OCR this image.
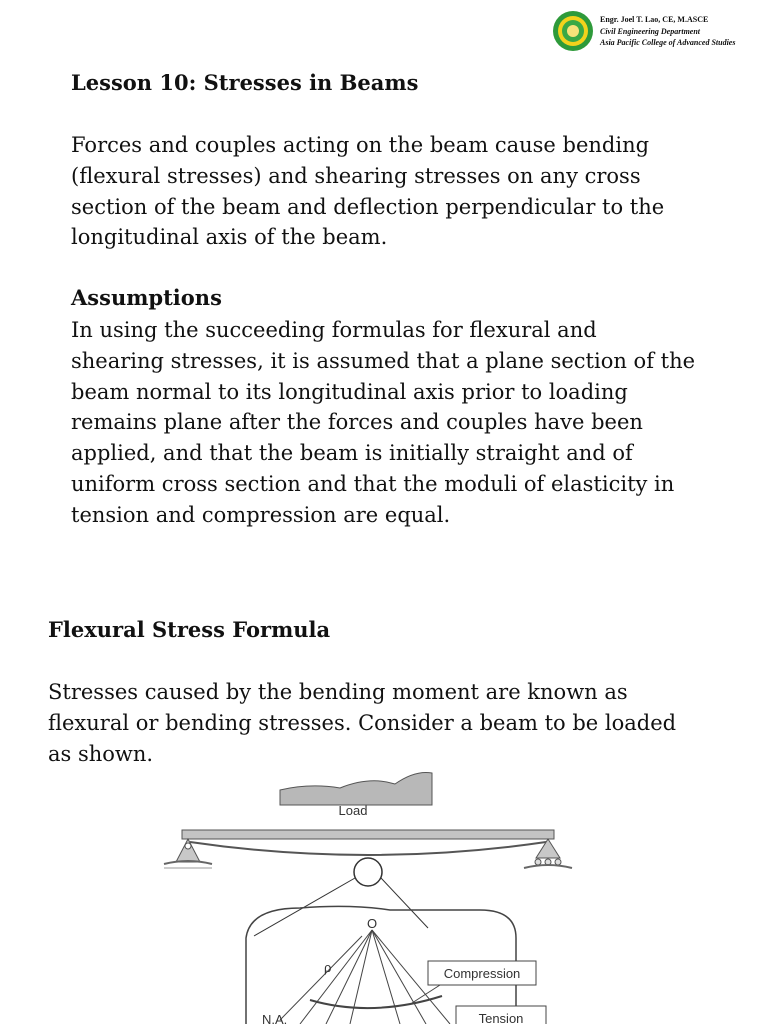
Engr. Joel T. Lao, CE, M.ASCE
Civil Engineering Department
Asia Pacific College of Advanced Studies
Lesson 10: Stresses in Beams
Forces and couples acting on the beam cause bending
(flexural stresses) and shearing stresses on any cross
section of the beam and deflection perpendicular to the
longitudinal axis of the beam.
Assumptions
In using the succeeding formulas for flexural and
shearing stresses, it is assumed that a plane section of the
beam normal to its longitudinal axis prior to loading
remains plane after the forces and couples have been
applied, and that the beam is initially straight and of
uniform cross section and that the moduli of elasticity in
tension and compression are equal.
Flexural Stress Formula
Stresses caused by the bending moment are known as
flexural or bending stresses. Consider a beam to be loaded
as shown.
Load
O
ρ
N.A.
Compression
Tension
